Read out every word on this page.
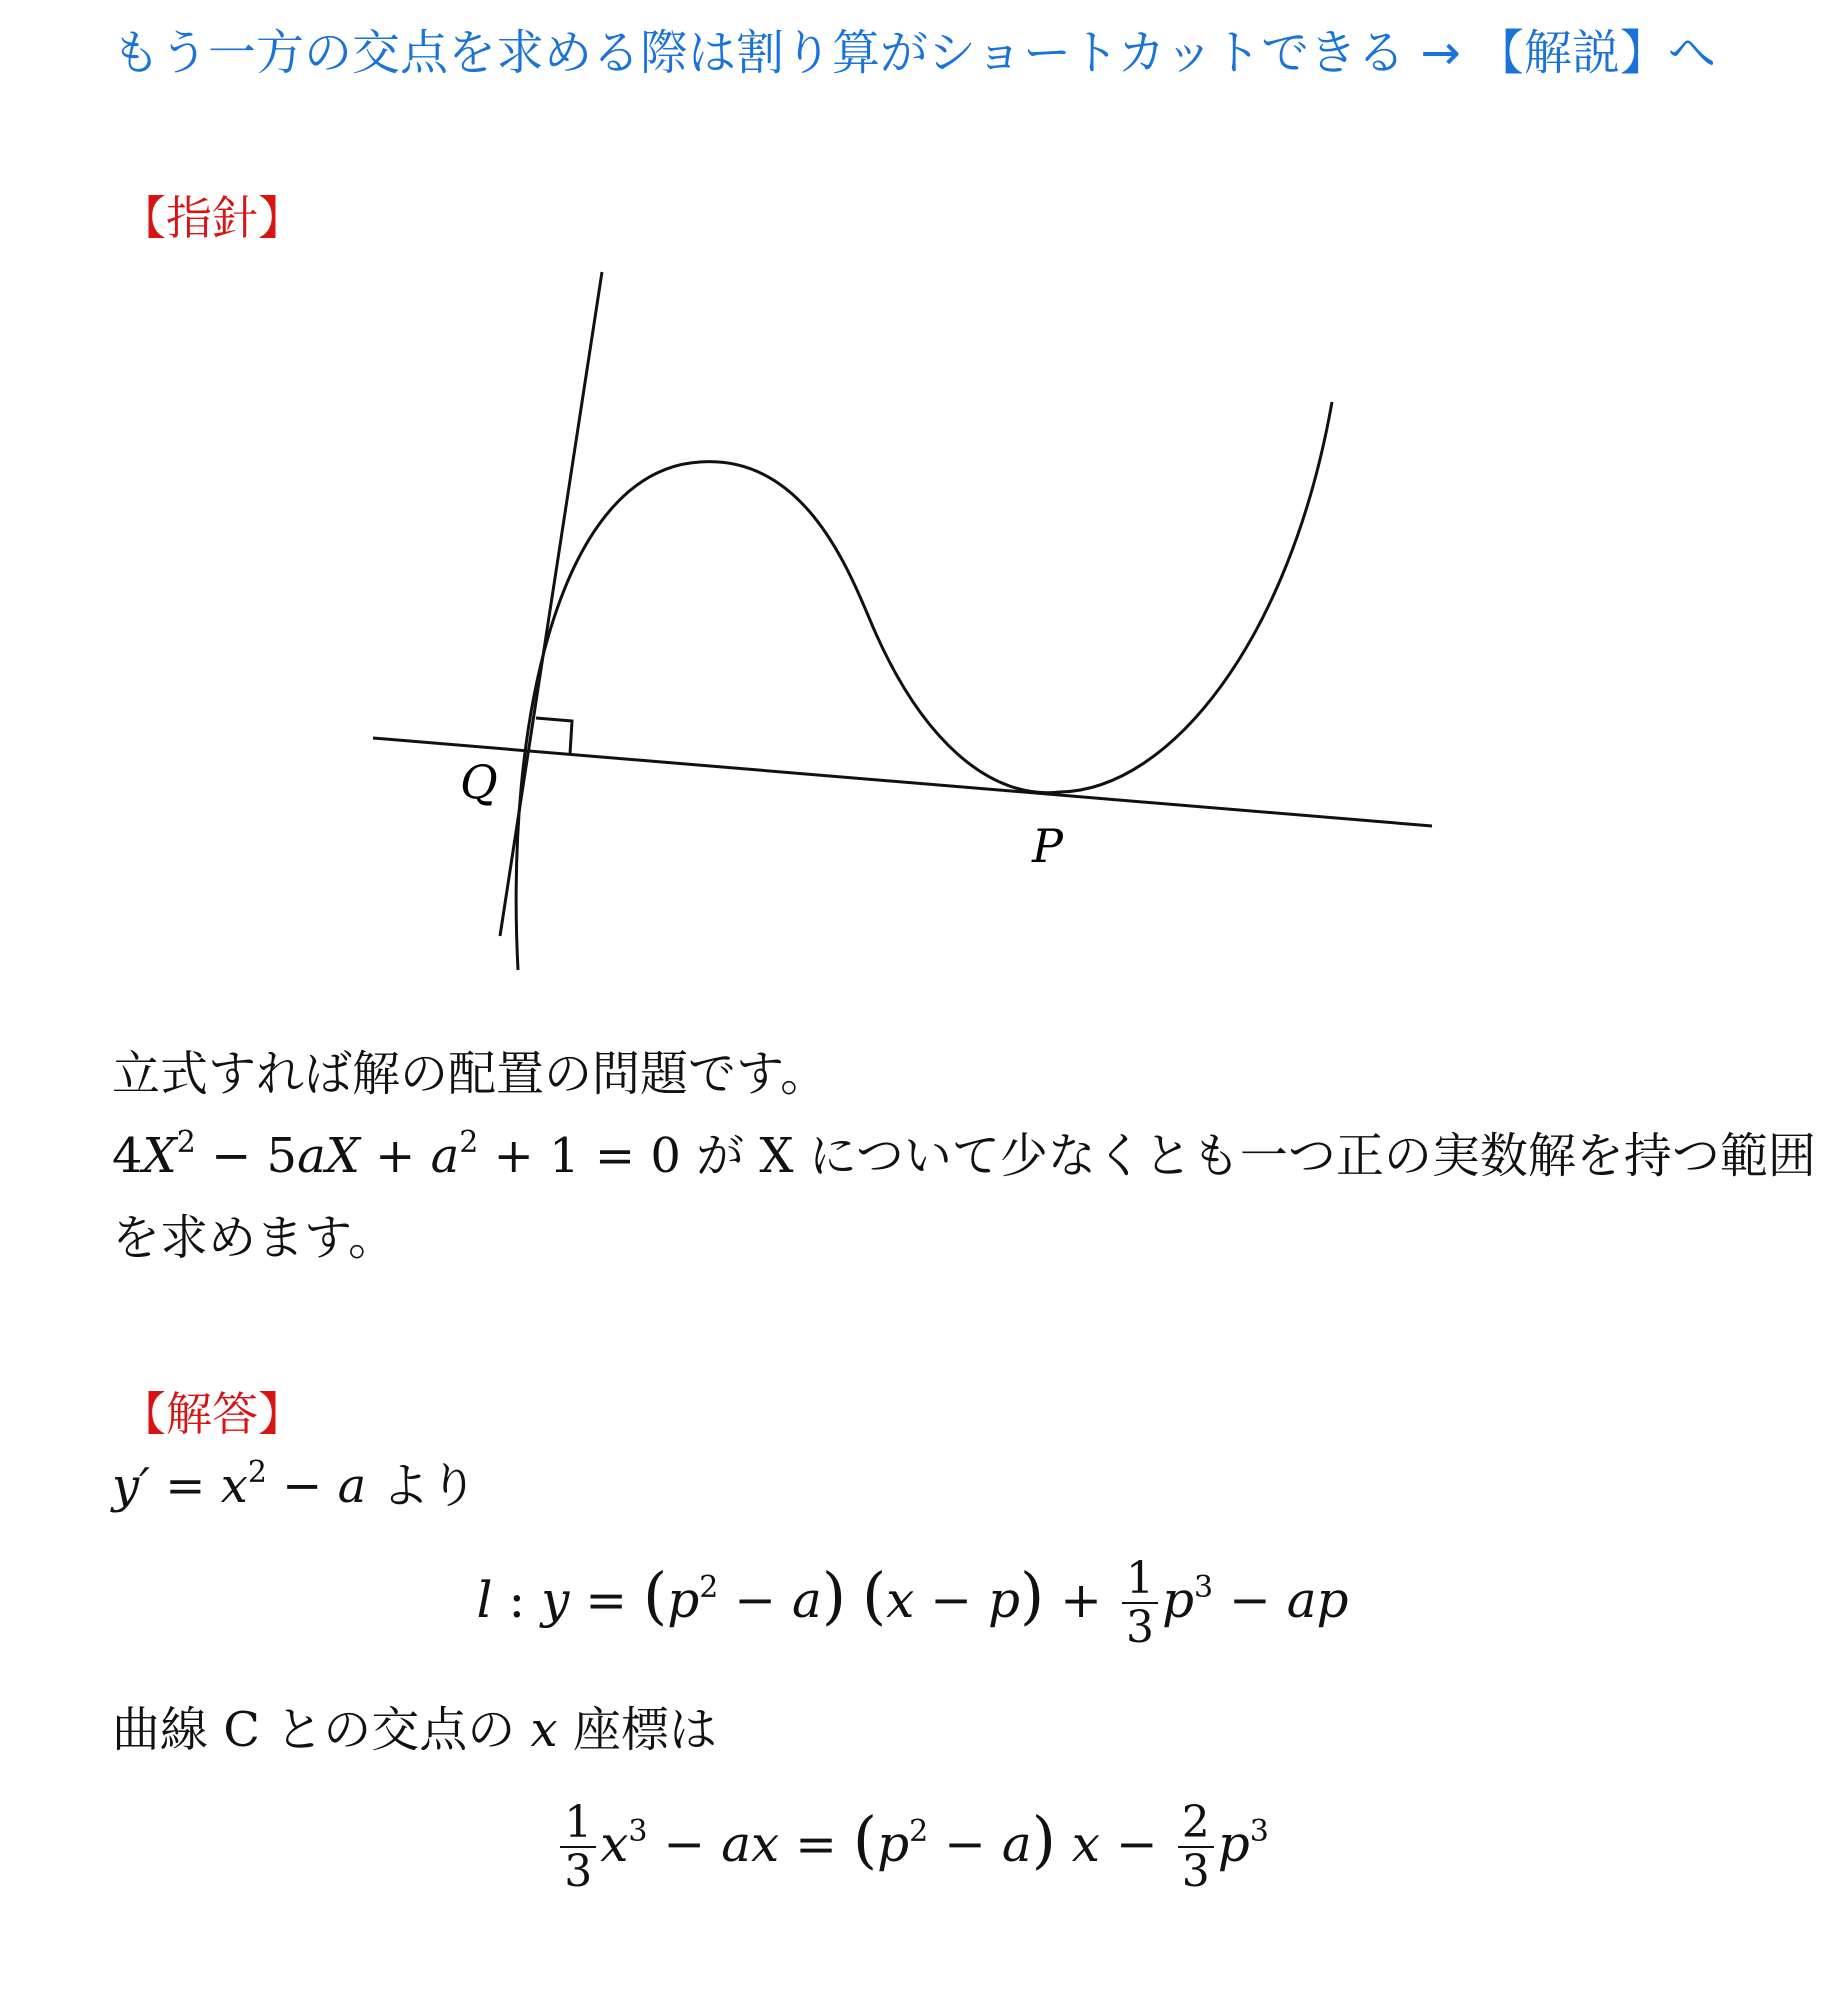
もう一方の交点を求める際は割り算がショートカットできる → 【解説】へ
【指針】
Q
P
立式すれば解の配置の問題です。
$4X^2 - 5aX + a^2 + 1 = 0$ が X について少なくとも一つ正の実数解を持つ範囲
を求めます。
【解答】
$y' = x^2 - a$ より
l : $y = (p^2 - a) (x - p) + \frac{1}{3} p^3$ − ap
曲線 C との交点の x 座標は
$\frac{1}{3} x^3$ − ax = $(p^2 - a) x - \frac{2}{3} p^3$
